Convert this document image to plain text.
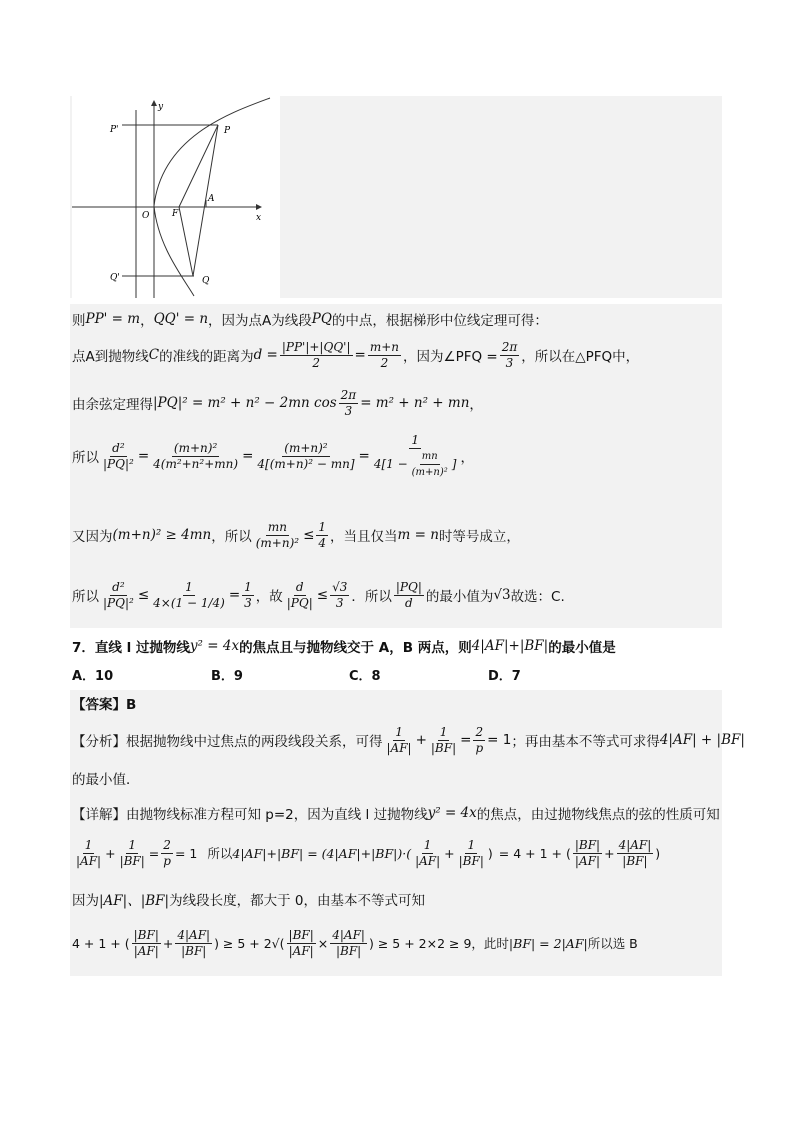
y
x
P'	P
O	F
A
Q'	Q
则 PP' = m ， QQ' = n ，因为点A为线段 PQ 的中点，根据梯形中位线定理可得：
点A到抛物线 C 的准线的距离为 $d = \frac{|PP'|+|QQ'|}{2} = \frac{m+n}{2}$ ，因为∠PFQ = $\frac{2\pi}{3}$ ，所以在△PFQ中，
由余弦定理得 |PQ|² = m² + n² − 2mn $\cos \frac{2\pi}{3} = m^2 + n^2$ + mn ，
所以 $\frac{\text{d²}}{\text{|PQ|²}} = \frac{\text{(m+n)²}}{\text{4(m²+n²+mn)}} = \frac{\text{(m+n)²}}{\text{4[(m+n)² − mn]}} = \frac{1}{4[1 - \frac{mn}{\text{(m+n)²}} ]}$ ，
又因为 (m+n)² ≥ 4mn ，所以 $\frac{mn}{\text{(m+n)²}} \le \frac{1}{4}$ ，当且仅当 m = n 时等号成立，
所以 $\frac{\text{d²}}{\text{|PQ|²}} \le \frac{1}{4\times(1 - 1/4)} = \frac{1}{3}$ ，故 $\frac{d}{|PQ|} \le \frac{√3}{3}$ ．所以 $\frac{|PQ|}{d}$ 的最小值为 √3 故选：C.
7．直线 l 过抛物线 y² = 4x 的焦点且与抛物线交于 A，B 两点，则 4|AF|+|BF| 的最小值是
A．10	B．9	C．8	D．7
【答案】B
【分析】根据抛物线中过焦点的两段线段关系，可得 $\frac{1}{|AF|} + \frac{1}{|BF|} = \frac{2}{p} = 1$ ；再由基本不等式可求得 4|AF| + |BF|
的最小值．
【详解】由抛物线标准方程可知 p=2，因为直线 l 过抛物线 y² = 4x 的焦点，由过抛物线焦点的弦的性质可知
$\frac{1}{|AF|} + \frac{1}{|BF|} = \frac{2}{p} = 1$ 所以 $4|AF|+|BF| = (4|AF|+|BF|)\cdot( \frac{1}{|AF|} + \frac{1}{|BF|}$ ) = 4 + 1 + ( $\frac{|BF|}{|AF|} + \frac{4|AF|}{|BF|}$ )
因为 |AF|、|BF| 为线段长度，都大于 0，由基本不等式可知
4 + 1 + ( $\frac{|BF|}{|AF|} + \frac{4|AF|}{|BF|}$ ) ≥ $5 + 2√( \frac{|BF|}{|AF|} \times \frac{4|AF|}{|BF|}$ ) ≥ 5 + 2×2 ≥ 9 ，此时 |BF| = 2|AF| 所以选 B
